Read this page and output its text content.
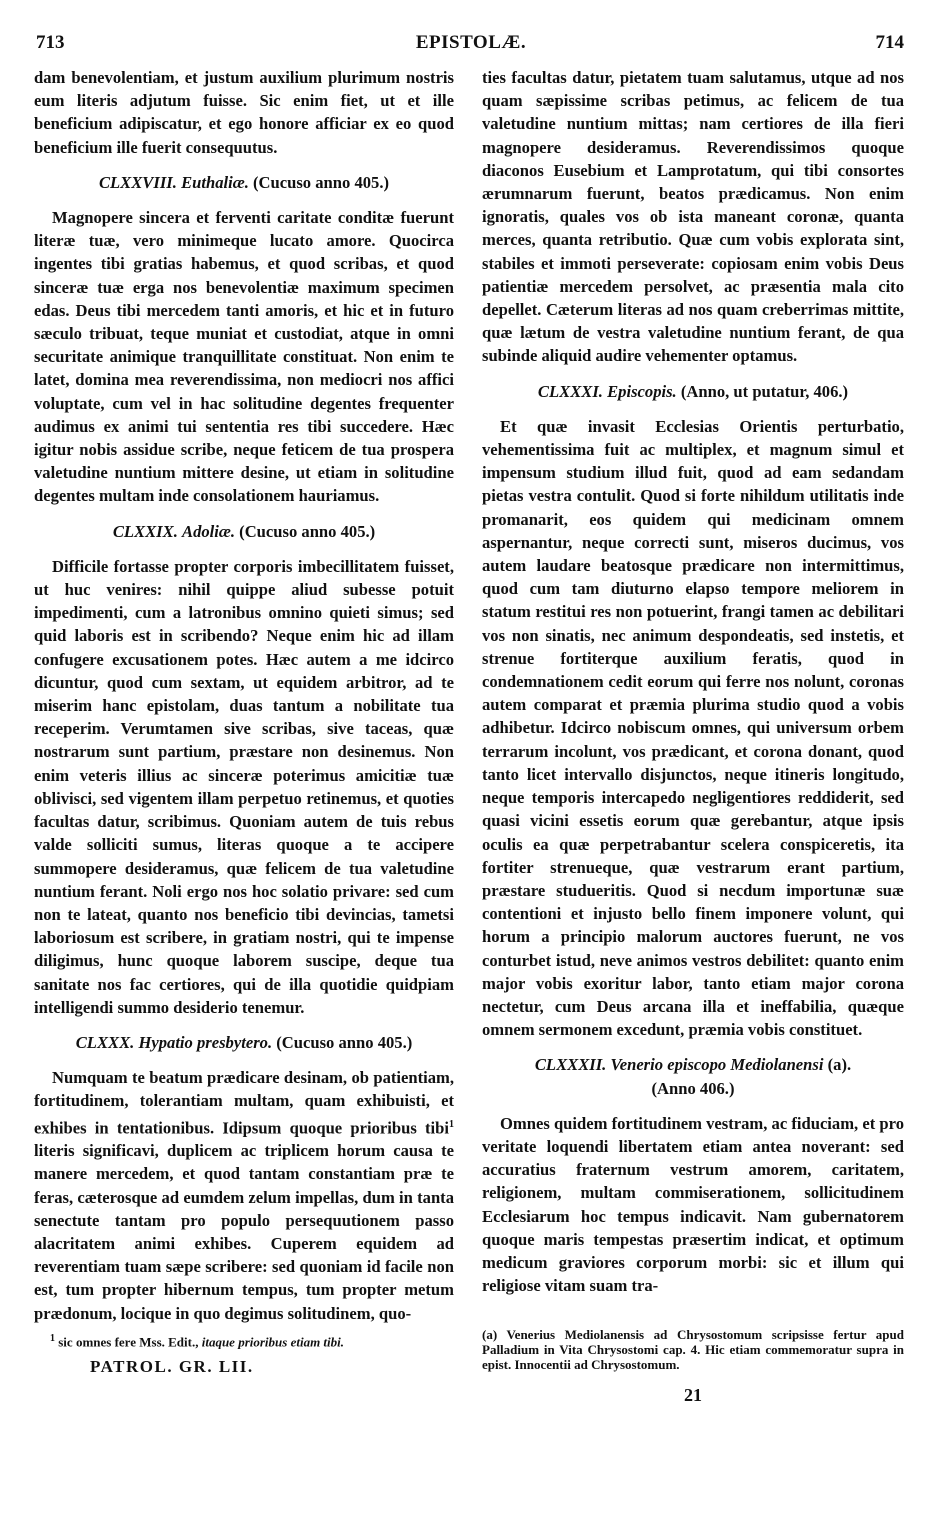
713	EPISTOLÆ.	714

dam benevolentiam, et justum auxilium plurimum nostris eum literis adjutum fuisse. Sic enim fiet, ut et ille beneficium adipiscatur, et ego honore afficiar ex eo quod beneficium ille fuerit consequutus.

CLXXVIII. Euthaliæ. (Cucuso anno 405.)

Magnopere sincera et ferventi caritate conditæ fuerunt literæ tuæ, vero minimeque lucato amore. Quocirca ingentes tibi gratias habemus, et quod scribas, et quod sinceræ tuæ erga nos benevolentiæ maximum specimen edas. Deus tibi mercedem tanti amoris, et hic et in futuro sæculo tribuat, teque muniat et custodiat, atque in omni securitate animique tranquillitate constituat. Non enim te latet, domina mea reverendissima, non mediocri nos affici voluptate, cum vel in hac solitudine degentes frequenter audimus ex animi tui sententia res tibi succedere. Hæc igitur nobis assidue scribe, neque feticem de tua prospera valetudine nuntium mittere desine, ut etiam in solitudine degentes multam inde consolationem hauriamus.

CLXXIX. Adoliæ. (Cucuso anno 405.)

Difficile fortasse propter corporis imbecillitatem fuisset, ut huc venires: nihil quippe aliud subesse potuit impedimenti, cum a latronibus omnino quieti simus; sed quid laboris est in scribendo? Neque enim hic ad illam confugere excusationem potes. Hæc autem a me idcirco dicuntur, quod cum sextam, ut equidem arbitror, ad te miserim hanc epistolam, duas tantum a nobilitate tua receperim. Verumtamen sive scribas, sive taceas, quæ nostrarum sunt partium, præstare non desinemus. Non enim veteris illius ac sinceræ poterimus amicitiæ tuæ oblivisci, sed vigentem illam perpetuo retinemus, et quoties facultas datur, scribimus. Quoniam autem de tuis rebus valde solliciti sumus, literas quoque a te accipere summopere desideramus, quæ felicem de tua valetudine nuntium ferant. Noli ergo nos hoc solatio privare: sed cum non te lateat, quanto nos beneficio tibi devincias, tametsi laboriosum est scribere, in gratiam nostri, qui te impense diligimus, hunc quoque laborem suscipe, deque tua sanitate nos fac certiores, qui de illa quotidie quidpiam intelligendi summo desiderio tenemur.

CLXXX. Hypatio presbytero. (Cucuso anno 405.)

Numquam te beatum prædicare desinam, ob patientiam, fortitudinem, tolerantiam multam, quam exhibuisti, et exhibes in tentationibus. Idipsum quoque prioribus tibi$^1$ literis significavi, duplicem ac triplicem horum causa te manere mercedem, et quod tantam constantiam præ te feras, cæterosque ad eumdem zelum impellas, dum in tanta senectute tantam pro populo persequutionem passo alacritatem animi exhibes. Cuperem equidem ad reverentiam tuam sæpe scribere: sed quoniam id facile non est, tum propter hibernum tempus, tum propter metum prædonum, locique in quo degimus solitudinem, quo-

$^1$ sic omnes fere Mss. Edit., itaque prioribus etiam tibi.
PATROL. GR. LII.

ties facultas datur, pietatem tuam salutamus, utque ad nos quam sæpissime scribas petimus, ac felicem de tua valetudine nuntium mittas; nam certiores de illa fieri magnopere desideramus. Reverendissimos quoque diaconos Eusebium et Lamprotatum, qui tibi consortes ærumnarum fuerunt, beatos prædicamus. Non enim ignoratis, quales vos ob ista maneant coronæ, quanta merces, quanta retributio. Quæ cum vobis explorata sint, stabiles et immoti perseverate: copiosam enim vobis Deus patientiæ mercedem persolvet, ac præsentia mala cito depellet. Cæterum literas ad nos quam creberrimas mittite, quæ lætum de vestra valetudine nuntium ferant, de qua subinde aliquid audire vehementer optamus.

CLXXXI. Episcopis. (Anno, ut putatur, 406.)

Et quæ invasit Ecclesias Orientis perturbatio, vehementissima fuit ac multiplex, et magnum simul et impensum studium illud fuit, quod ad eam sedandam pietas vestra contulit. Quod si forte nihildum utilitatis inde promanarit, eos quidem qui medicinam omnem aspernantur, neque correcti sunt, miseros ducimus, vos autem laudare beatosque prædicare non intermittimus, quod cum tam diuturno elapso tempore meliorem in statum restitui res non potuerint, frangi tamen ac debilitari vos non sinatis, nec animum despondeatis, sed instetis, et strenue fortiterque auxilium feratis, quod in condemnationem cedit eorum qui ferre nos nolunt, coronas autem comparat et præmia plurima studio quod a vobis adhibetur. Idcirco nobiscum omnes, qui universum orbem terrarum incolunt, vos prædicant, et corona donant, quod tanto licet intervallo disjunctos, neque itineris longitudo, neque temporis intercapedo negligentiores reddiderit, sed quasi vicini essetis eorum quæ gerebantur, atque ipsis oculis ea quæ perpetrabantur scelera conspiceretis, ita fortiter strenueque, quæ vestrarum erant partium, præstare studueritis. Quod si necdum importunæ suæ contentioni et injusto bello finem imponere volunt, qui horum a principio malorum auctores fuerunt, ne vos conturbet istud, neve animos vestros debilitet: quanto enim major vobis exoritur labor, tanto etiam major corona nectetur, cum Deus arcana illa et ineffabilia, quæque omnem sermonem excedunt, præmia vobis constituet.

CLXXXII. Venerio episcopo Mediolanensi (a).
(Anno 406.)

Omnes quidem fortitudinem vestram, ac fiduciam, et pro veritate loquendi libertatem etiam antea noverant: sed accuratius fraternum vestrum amorem, caritatem, religionem, multam commiserationem, sollicitudinem Ecclesiarum hoc tempus indicavit. Nam gubernatorem quoque maris tempestas præsertim indicat, et optimum medicum graviores corporum morbi: sic et illum qui religiose vitam suam tra-

(a) Venerius Mediolanensis ad Chrysostomum scripsisse fertur apud Palladium in Vita Chrysostomi cap. 4. Hic etiam commemoratur supra in epist. Innocentii ad Chrysostomum.
21
